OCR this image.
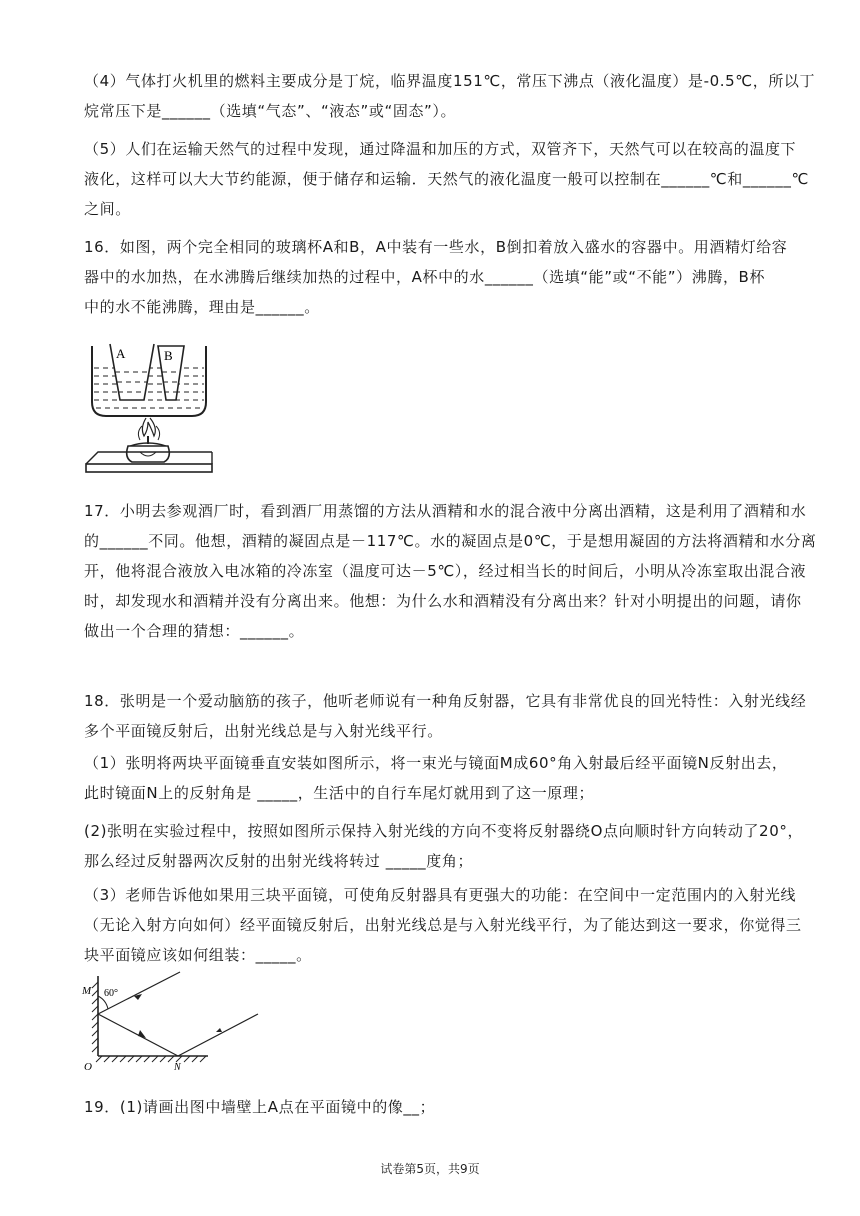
（4）气体打火机里的燃料主要成分是丁烷，临界温度151℃，常压下沸点（液化温度）是-0.5℃，所以丁
烷常压下是______（选填“气态”、“液态”或“固态”）。

（5）人们在运输天然气的过程中发现，通过降温和加压的方式，双管齐下，天然气可以在较高的温度下
液化，这样可以大大节约能源，便于储存和运输．天然气的液化温度一般可以控制在______℃和______℃
之间。

16．如图，两个完全相同的玻璃杯A和B，A中装有一些水，B倒扣着放入盛水的容器中。用酒精灯给容
器中的水加热，在水沸腾后继续加热的过程中，A杯中的水______（选填“能”或“不能”）沸腾，B杯
中的水不能沸腾，理由是______。

A	B

17．小明去参观酒厂时，看到酒厂用蒸馏的方法从酒精和水的混合液中分离出酒精，这是利用了酒精和水
的______不同。他想，酒精的凝固点是－117℃。水的凝固点是0℃，于是想用凝固的方法将酒精和水分离
开，他将混合液放入电冰箱的冷冻室（温度可达－5℃），经过相当长的时间后，小明从冷冻室取出混合液
时，却发现水和酒精并没有分离出来。他想：为什么水和酒精没有分离出来？针对小明提出的问题，请你
做出一个合理的猜想：______。

18．张明是一个爱动脑筋的孩子，他听老师说有一种角反射器，它具有非常优良的回光特性：入射光线经
多个平面镜反射后，出射光线总是与入射光线平行。

（1）张明将两块平面镜垂直安装如图所示，将一束光与镜面M成60°角入射最后经平面镜N反射出去，
此时镜面N上的反射角是 _____，生活中的自行车尾灯就用到了这一原理；

(2)张明在实验过程中，按照如图所示保持入射光线的方向不变将反射器绕O点向顺时针方向转动了20°，
那么经过反射器两次反射的出射光线将转过 _____度角；

（3）老师告诉他如果用三块平面镜，可使角反射器具有更强大的功能：在空间中一定范围内的入射光线
（无论入射方向如何）经平面镜反射后，出射光线总是与入射光线平行，为了能达到这一要求，你觉得三
块平面镜应该如何组装：_____。

60°
M
O	N

19．(1)请画出图中墙壁上A点在平面镜中的像__；

试卷第5页，共9页
